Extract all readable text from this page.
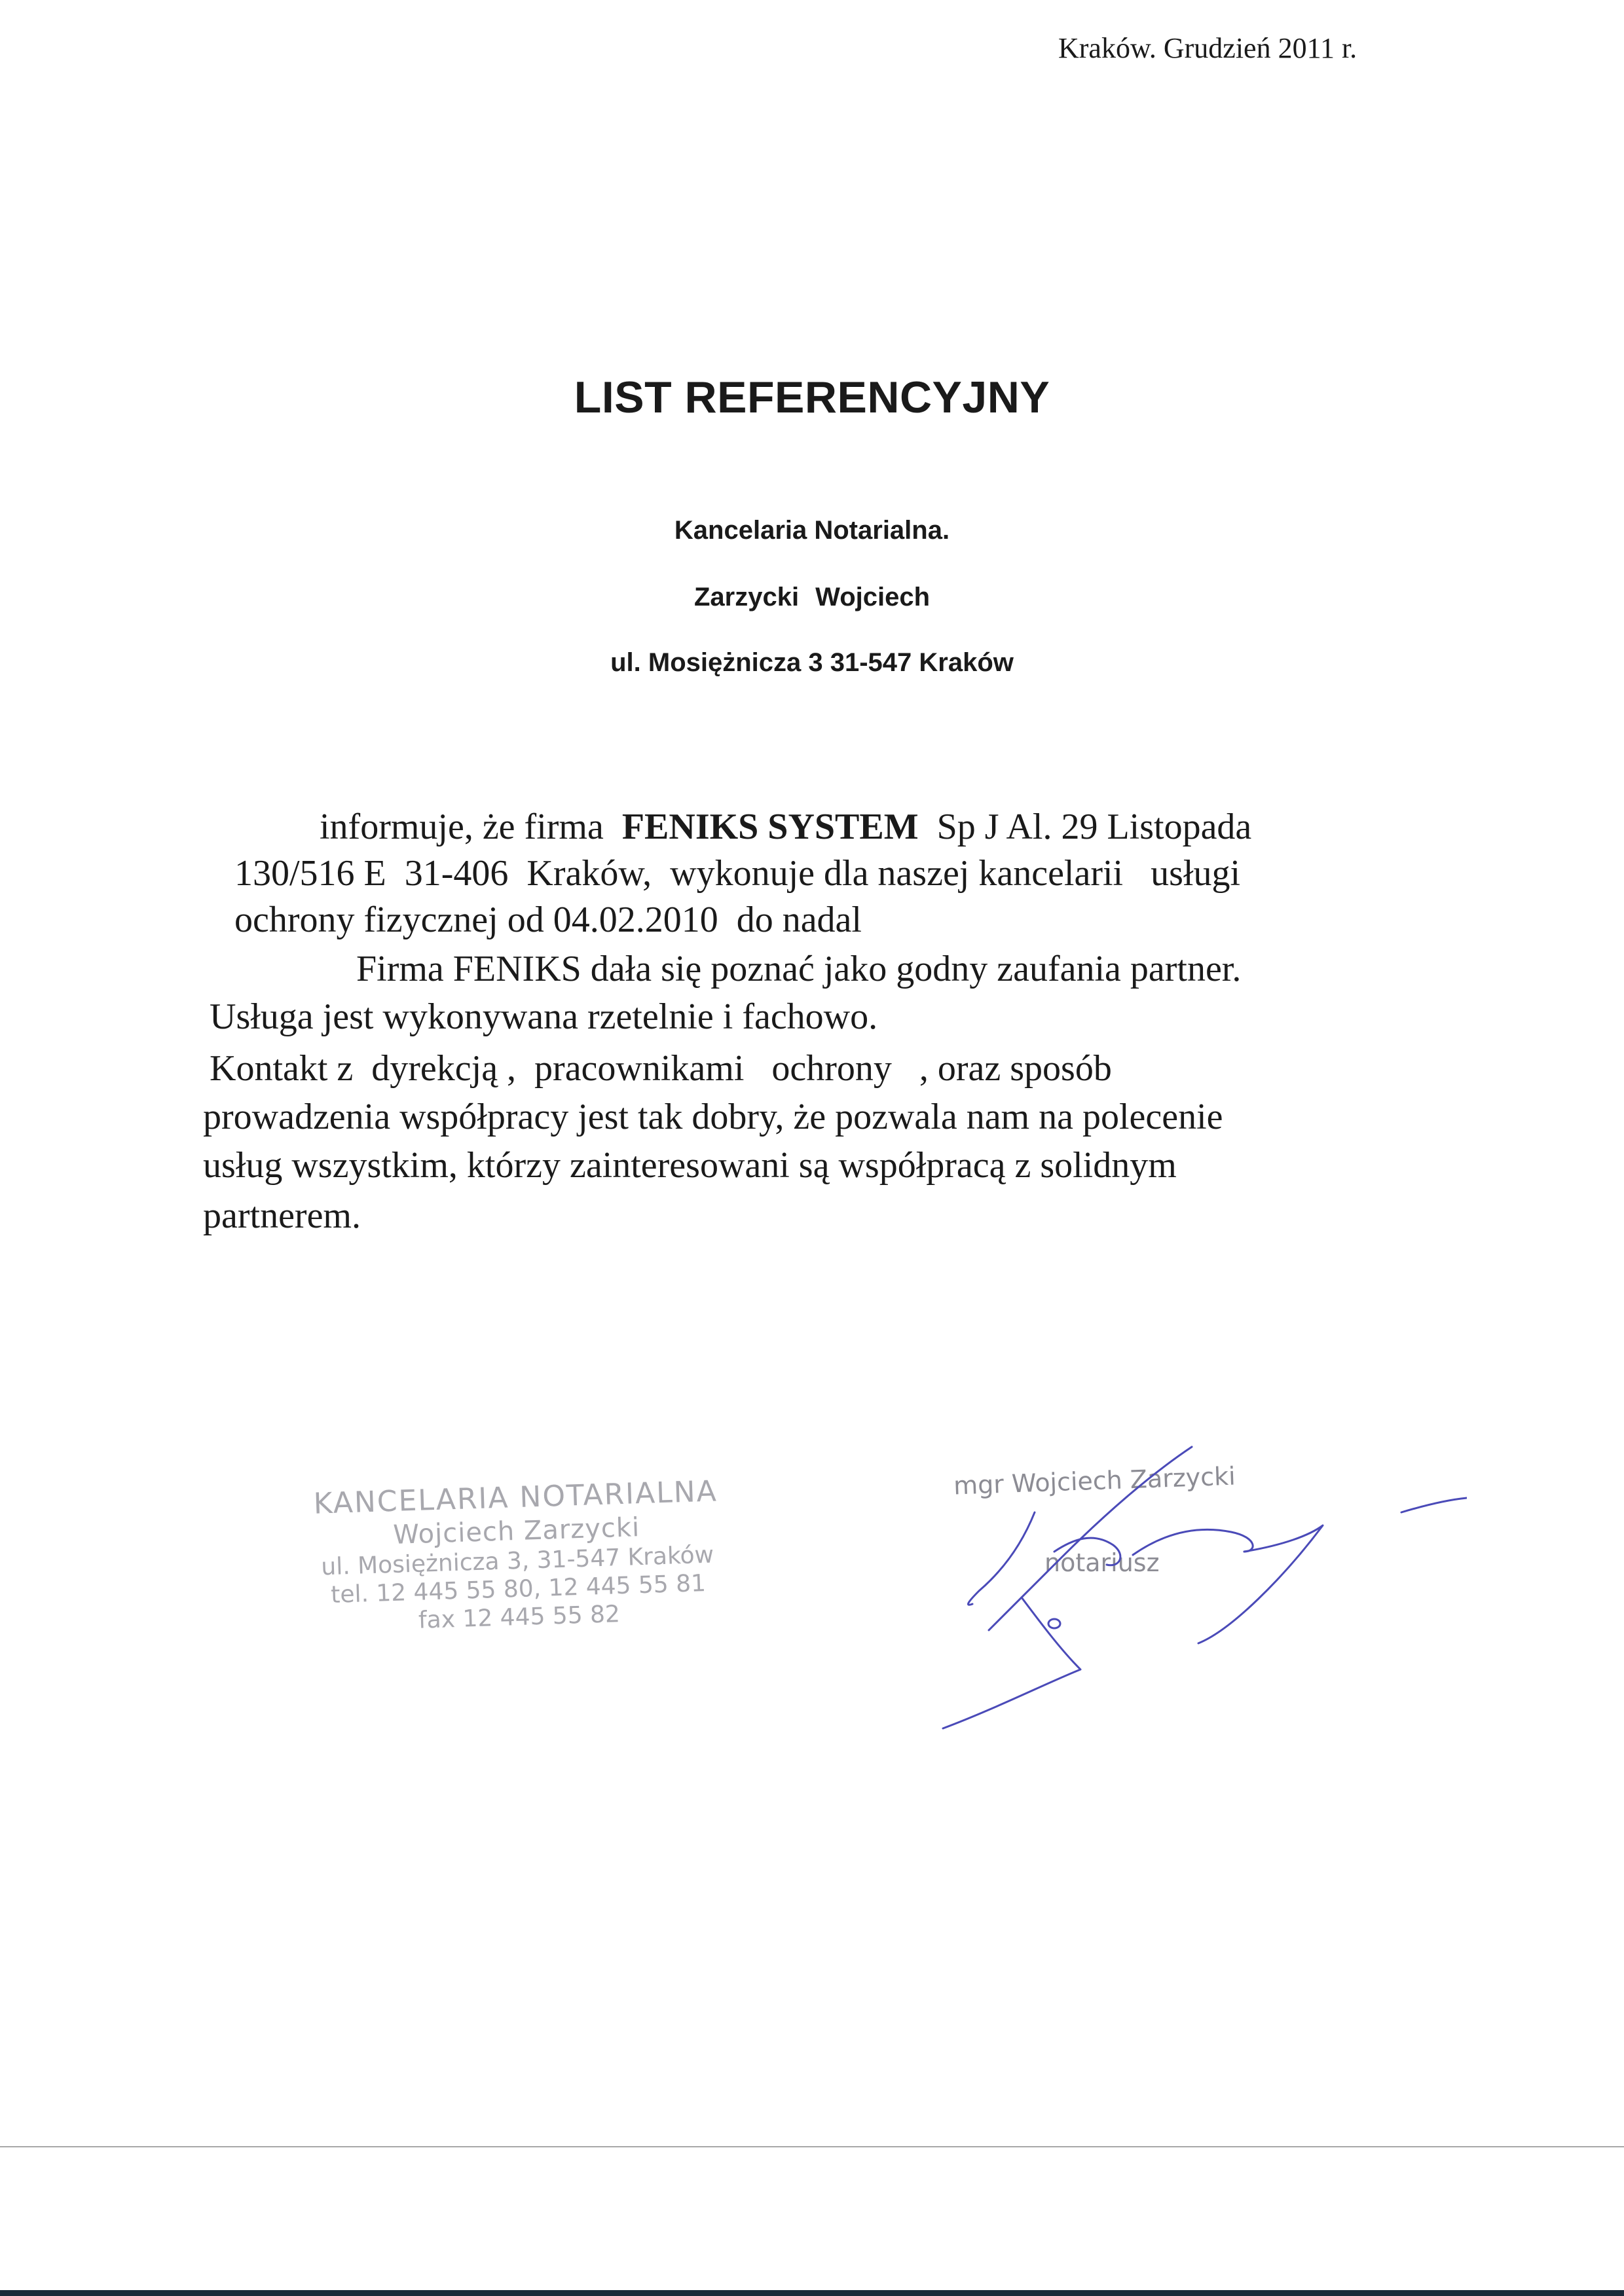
Kraków. Grudzień 2011 r.
LIST REFERENCYJNY
Kancelaria Notarialna.
Zarzycki Wojciech
ul. Mosiężnicza 3 31-547 Kraków
informuje, że firma  FENIKS SYSTEM  Sp J Al. 29 Listopada
130/516 E  31-406  Kraków,  wykonuje dla naszej kancelarii   usługi
ochrony fizycznej od 04.02.2010  do nadal
Firma FENIKS dała się poznać jako godny zaufania partner.
Usługa jest wykonywana rzetelnie i fachowo.
Kontakt z  dyrekcją ,  pracownikami   ochrony   , oraz sposób
prowadzenia współpracy jest tak dobry, że pozwala nam na polecenie
usług wszystkim, którzy zainteresowani są współpracą z solidnym
partnerem.
KANCELARIA NOTARIALNA
Wojciech Zarzycki
ul. Mosiężnicza 3, 31-547 Kraków
tel. 12 445 55 80, 12 445 55 81
fax 12 445 55 82
mgr Wojciech Zarzycki
notariusz
